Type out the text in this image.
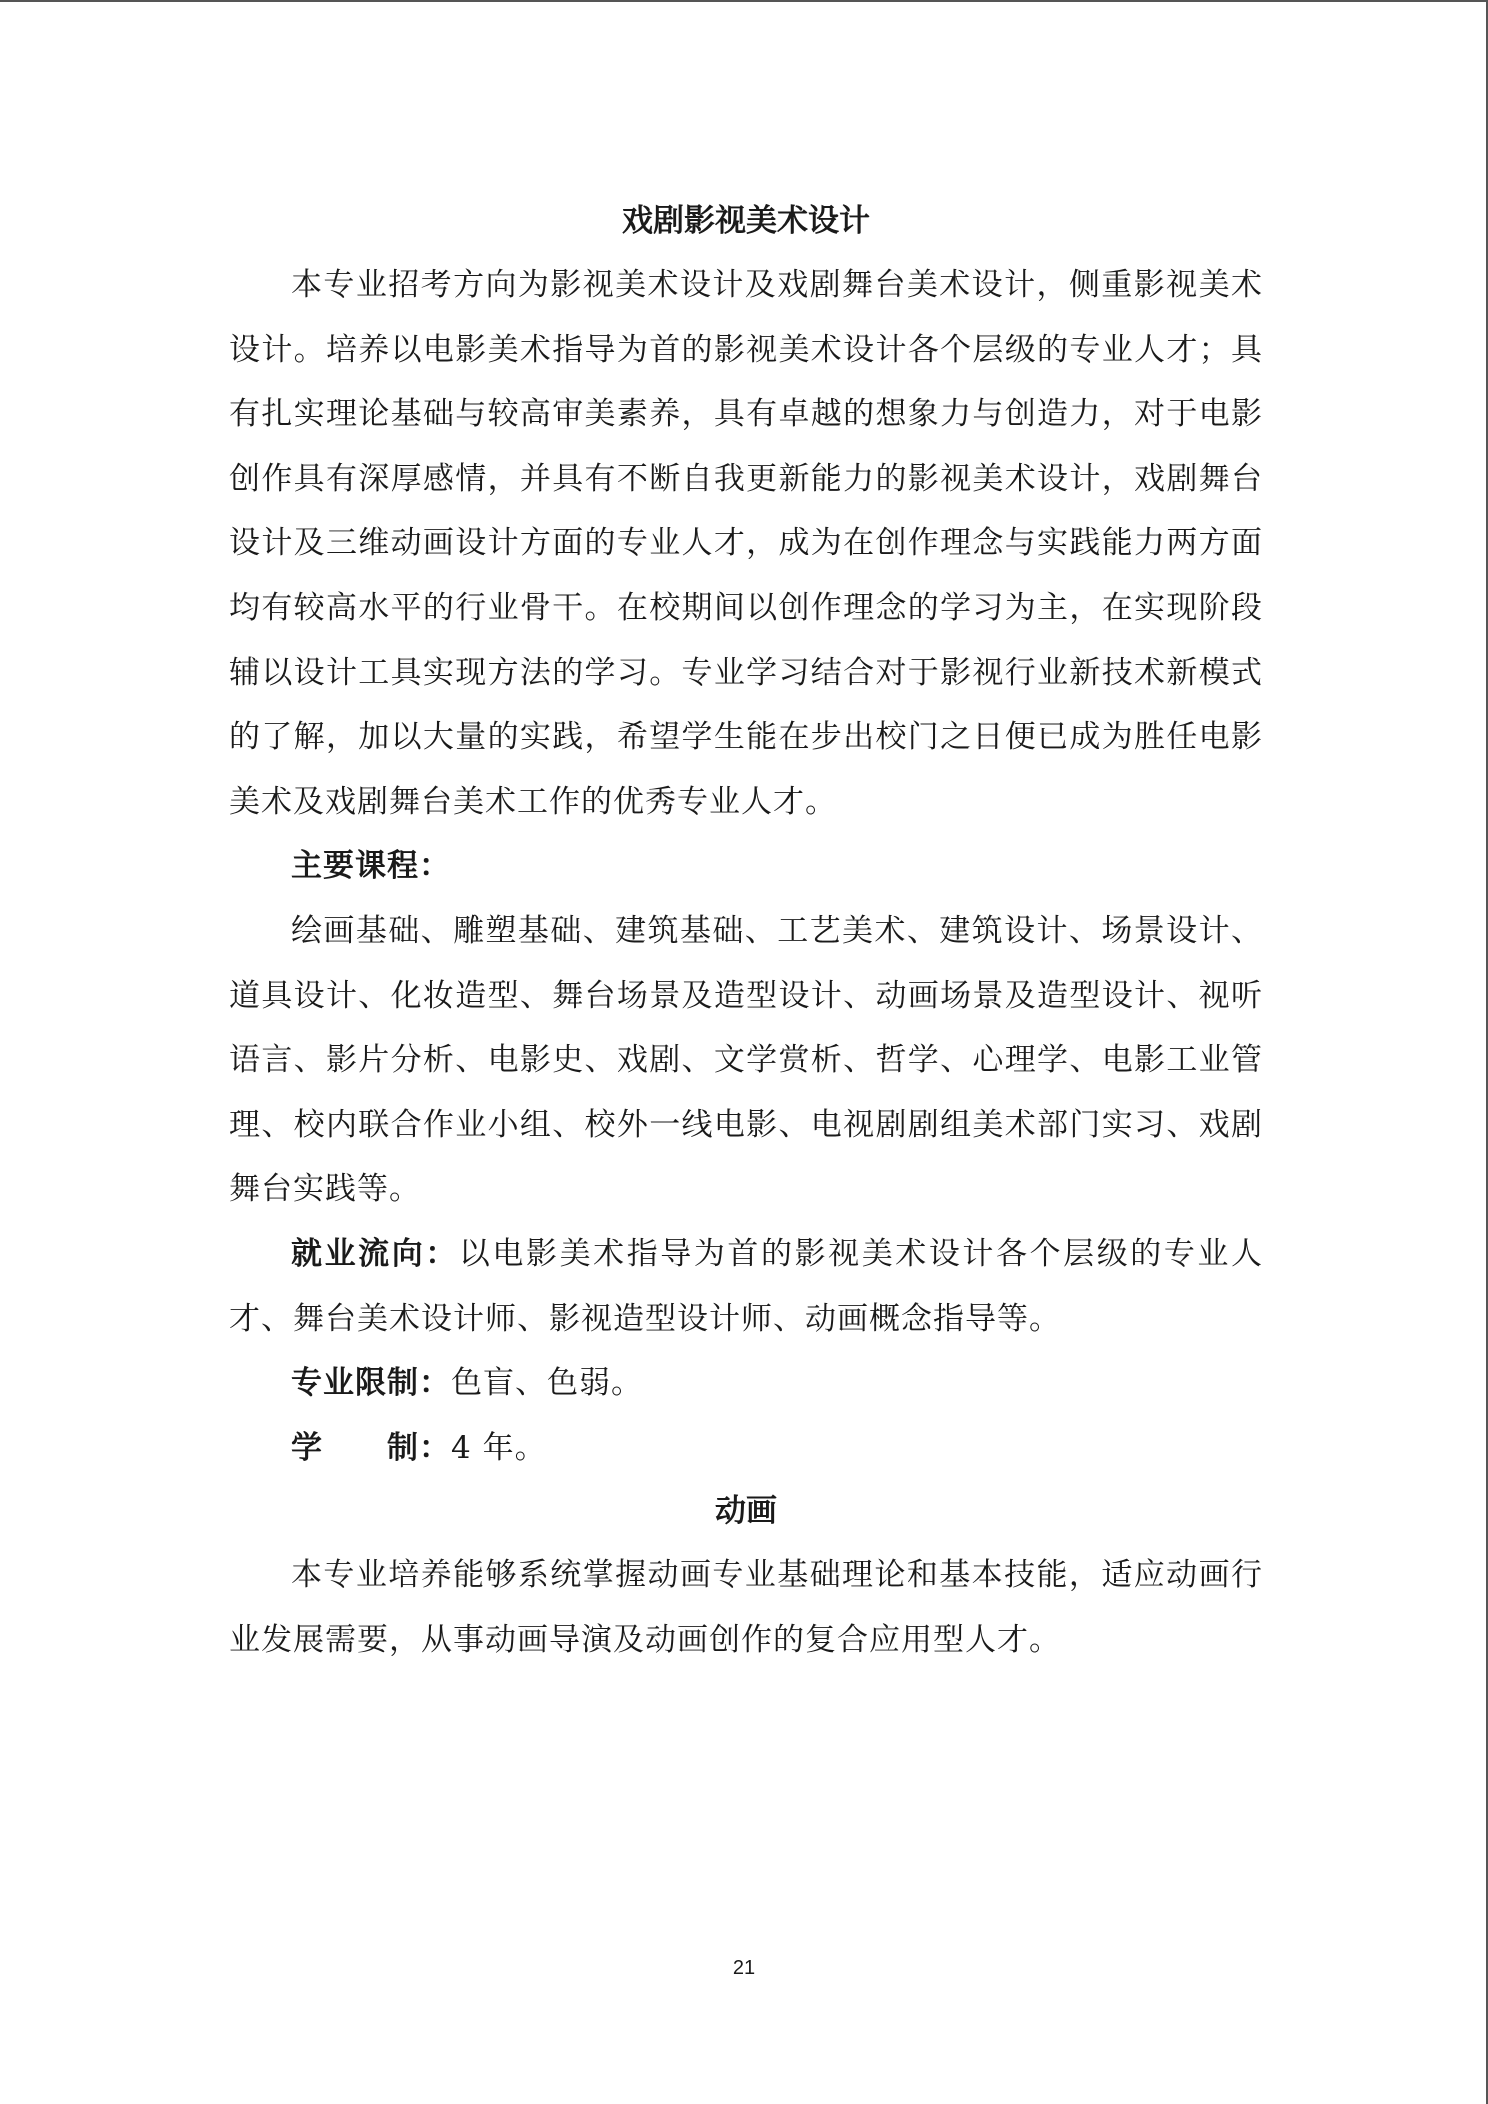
戏剧影视美术设计

本专业招考方向为影视美术设计及戏剧舞台美术设计，侧重影视美术设计。培养以电影美术指导为首的影视美术设计各个层级的专业人才；具有扎实理论基础与较高审美素养，具有卓越的想象力与创造力，对于电影创作具有深厚感情，并具有不断自我更新能力的影视美术设计，戏剧舞台设计及三维动画设计方面的专业人才，成为在创作理念与实践能力两方面均有较高水平的行业骨干。在校期间以创作理念的学习为主，在实现阶段辅以设计工具实现方法的学习。专业学习结合对于影视行业新技术新模式的了解，加以大量的实践，希望学生能在步出校门之日便已成为胜任电影美术及戏剧舞台美术工作的优秀专业人才。

主要课程：

绘画基础、雕塑基础、建筑基础、工艺美术、建筑设计、场景设计、道具设计、化妆造型、舞台场景及造型设计、动画场景及造型设计、视听语言、影片分析、电影史、戏剧、文学赏析、哲学、心理学、电影工业管理、校内联合作业小组、校外一线电影、电视剧剧组美术部门实习、戏剧舞台实践等。

就业流向：以电影美术指导为首的影视美术设计各个层级的专业人才、舞台美术设计师、影视造型设计师、动画概念指导等。

专业限制：色盲、色弱。

学　　制：4 年。

动画

本专业培养能够系统掌握动画专业基础理论和基本技能，适应动画行业发展需要，从事动画导演及动画创作的复合应用型人才。

21
